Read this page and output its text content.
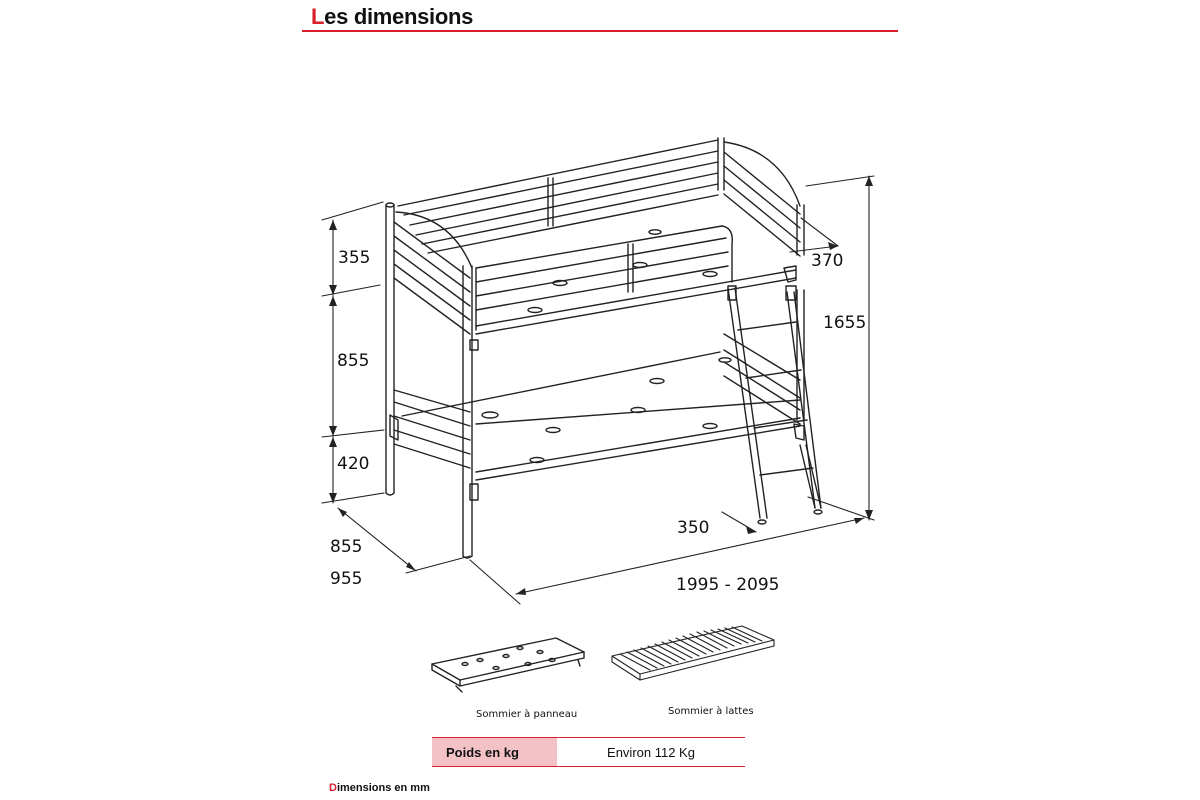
Les dimensions
355
855
420
1655
370
350
855
955	1995 - 2095
Sommier à panneau	Sommier à lattes
Poids en kg	Environ 112 Kg
Dimensions en mm
